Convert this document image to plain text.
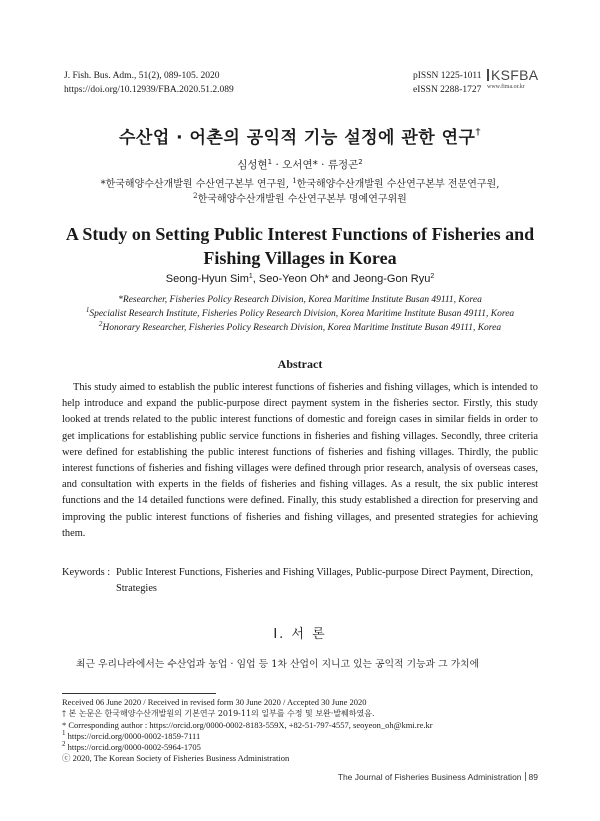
J. Fish. Bus. Adm., 51(2), 089-105. 2020
https://doi.org/10.12939/FBA.2020.51.2.089
pISSN 1225-1011
eISSN 2288-1727
KSFBA
www.fima.or.kr
수산업 · 어촌의 공익적 기능 설정에 관한 연구†
심성현$^1$ · 오서연* · 류정곤$^2$
*한국해양수산개발원 수산연구본부 연구원, $^1$한국해양수산개발원 수산연구본부 전문연구원,
$^2$한국해양수산개발원 수산연구본부 명예연구위원
A Study on Setting Public Interest Functions of Fisheries and Fishing Villages in Korea
Seong-Hyun Sim$^1$, Seo-Yeon Oh* and Jeong-Gon Ryu$^2$
*Researcher, Fisheries Policy Research Division, Korea Maritime Institute Busan 49111, Korea
$^1$Specialist Research Institute, Fisheries Policy Research Division, Korea Maritime Institute Busan 49111, Korea
$^2$Honorary Researcher, Fisheries Policy Research Division, Korea Maritime Institute Busan 49111, Korea
Abstract
This study aimed to establish the public interest functions of fisheries and fishing villages, which is intended to help introduce and expand the public-purpose direct payment system in the fisheries sector. Firstly, this study looked at trends related to the public interest functions of domestic and foreign cases in similar fields in order to get implications for establishing public service functions in fisheries and fishing villages. Secondly, three criteria were defined for establishing the public interest functions of fisheries and fishing villages. Thirdly, the public interest functions of fisheries and fishing villages were defined through prior research, analysis of overseas cases, and consultation with experts in the fields of fisheries and fishing villages. As a result, the six public interest functions and the 14 detailed functions were defined. Finally, this study established a direction for preserving and improving the public interest functions of fisheries and fishing villages, and presented strategies for achieving them.
Keywords : Public Interest Functions, Fisheries and Fishing Villages, Public-purpose Direct Payment, Direction, Strategies
Ⅰ. 서 론
최근 우리나라에서는 수산업과 농업 · 임업 등 1차 산업이 지니고 있는 공익적 기능과 그 가치에
Received 06 June 2020 / Received in revised form 30 June 2020 / Accepted 30 June 2020
† 본 논문은 한국해양수산개발원의 기본연구 2019-11의 일부를 수정 및 보완·발췌하였음.
* Corresponding author : https://orcid.org/0000-0002-8183-559X, +82-51-797-4557, seoyeon_oh@kmi.re.kr
$^1$ https://orcid.org/0000-0002-1859-7111
$^2$ https://orcid.org/0000-0002-5964-1705
ⓒ 2020, The Korean Society of Fisheries Business Administration
The Journal of Fisheries Business Administration 89
